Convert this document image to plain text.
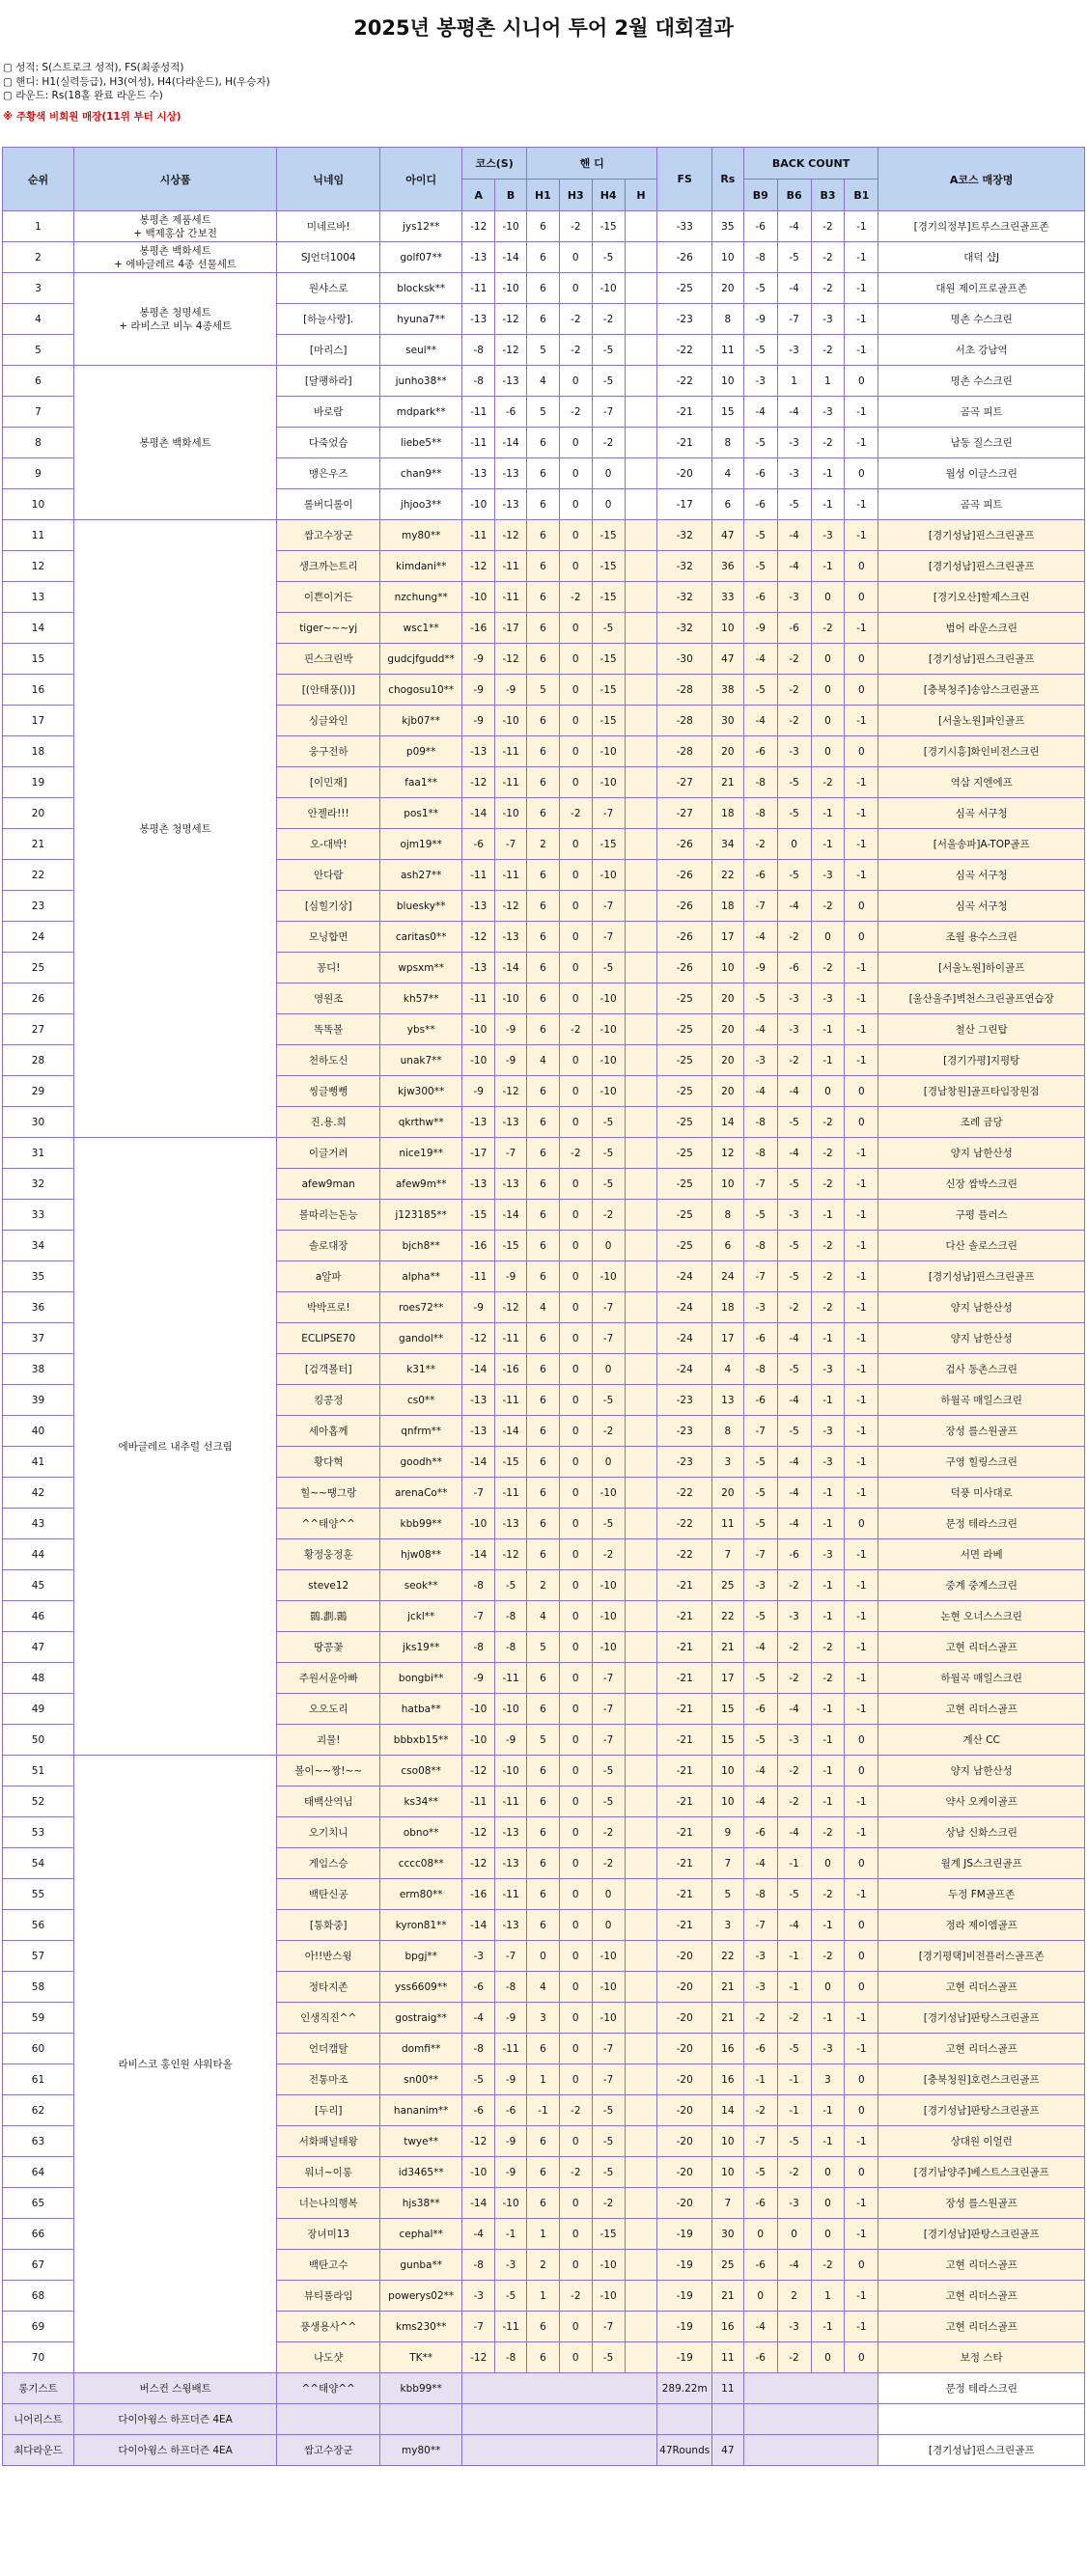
2025년 봉평촌 시니어 투어 2월 대회결과
▢ 성적: S(스트로크 성적), FS(최종성적)
▢ 핸디: H1(실력등급), H3(여성), H4(다라운드), H(우승자)
▢ 라운드: Rs(18홀 완료 라운드 수)
※ 주황색 비회원 매장(11위 부터 시상)
순위	시상품	닉네임	아이디	코스(S)		핸 디				FS	Rs	BACK COUNT				A코스 매장명
				A	B	H1	H3	H4	H			B9	B6	B3	B1	
1	봉평촌 제품세트
+ 백제홍삼 간보전	미네르바!	jys12**	-12	-10	6	-2	-15		-33	35	-6	-4	-2	-1	[경기의정부]트루스크린골프존
2	봉평촌 백화세트
+ 에바글레르 4종 선물세트	SJ언더1004	golf07**	-13	-14	6	0	-5		-26	10	-8	-5	-2	-1	대덕 샵J
3	봉평촌 청명세트
+ 라비스코 비누 4종세트	원샤스로	blocksk**	-11	-10	6	0	-10		-25	20	-5	-4	-2	-1	대원 제이프로골프존
4		[하늘사랑].	hyuna7**	-13	-12	6	-2	-2		-23	8	-9	-7	-3	-1	명촌 수스크린
5		[마리스]	seul**	-8	-12	5	-2	-5		-22	11	-5	-3	-2	-1	서초 강남역
6	봉평촌 백화세트	[달팽하라]	junho38**	-8	-13	4	0	-5		-22	10	-3	1	1	0	명촌 수스크린
7		바로람	mdpark**	-11	-6	5	-2	-7		-21	15	-4	-4	-3	-1	곰곡 피트
8		다죽었슴	liebe5**	-11	-14	6	0	-2		-21	8	-5	-3	-2	-1	남동 질스크린
9		맹은우즈	chan9**	-13	-13	6	0	0		-20	4	-6	-3	-1	0	월성 이글스크린
10		롤버디롤이	jhjoo3**	-10	-13	6	0	0		-17	6	-6	-5	-1	-1	곰곡 피트
11	봉평촌 청명세트	쌈고수장군	my80**	-11	-12	6	0	-15		-32	47	-5	-4	-3	-1	[경기성남]핀스크린골프
12		생크까는트리	kimdani**	-12	-11	6	0	-15		-32	36	-5	-4	-1	0	[경기성남]핀스크린골프
13		이쁜이거든	nzchung**	-10	-11	6	-2	-15		-32	33	-6	-3	0	0	[경기오산]할제스크린
14		tiger~~~yj	wsc1**	-16	-17	6	0	-5		-32	10	-9	-6	-2	-1	범어 라운스크린
15		핀스크린박	gudcjfgudd**	-9	-12	6	0	-15		-30	47	-4	-2	0	0	[경기성남]핀스크린골프
16		[(안태풍())]	chogosu10**	-9	-9	5	0	-15		-28	38	-5	-2	0	0	[충북청주]송암스크린골프
17		싱글와인	kjb07**	-9	-10	6	0	-15		-28	30	-4	-2	0	-1	[서울노원]파인골프
18		웅구전하	p09**	-13	-11	6	0	-10		-28	20	-6	-3	0	0	[경기시흥]화인비전스크린
19		[이민재]	faa1**	-12	-11	6	0	-10		-27	21	-8	-5	-2	-1	역삼 지엔에프
20		안젤라!!!	pos1**	-14	-10	6	-2	-7		-27	18	-8	-5	-1	-1	심곡 서구청
21		오-대박!	ojm19**	-6	-7	2	0	-15		-26	34	-2	0	-1	-1	[서울송파]A-TOP골프
22		안다람	ash27**	-11	-11	6	0	-10		-26	22	-6	-5	-3	-1	심곡 서구청
23		[심힐기상]	bluesky**	-13	-12	6	0	-7		-26	18	-7	-4	-2	0	심곡 서구청
24		모닝합면	caritas0**	-12	-13	6	0	-7		-26	17	-4	-2	0	0	조월 용수스크린
25		꽁디!	wpsxm**	-13	-14	6	0	-5		-26	10	-9	-6	-2	-1	[서울노원]하이골프
26		영원조	kh57**	-11	-10	6	0	-10		-25	20	-5	-3	-3	-1	[울산울주]벽천스크린골프연습장
27		똑똑볼	ybs**	-10	-9	6	-2	-10		-25	20	-4	-3	-1	-1	철산 그린탑
28		천하도신	unak7**	-10	-9	4	0	-10		-25	20	-3	-2	-1	-1	[경기가평]지평탕
29		씽글뻥뻥	kjw300**	-9	-12	6	0	-10		-25	20	-4	-4	0	0	[경남창원]골프타임장원점
30		진.용.희	qkrthw**	-13	-13	6	0	-5		-25	14	-8	-5	-2	0	조례 금당
31	에바글레르 내추럴 선크림	이글거려	nice19**	-17	-7	6	-2	-5		-25	12	-8	-4	-2	-1	양지 남한산성
32		afew9man	afew9m**	-13	-13	6	0	-5		-25	10	-7	-5	-2	-1	신장 쌈박스크린
33		볼따리는돈능	j123185**	-15	-14	6	0	-2		-25	8	-5	-3	-1	-1	구평 플러스
34		솔로대장	bjch8**	-16	-15	6	0	0		-25	6	-8	-5	-2	-1	다산 솔로스크린
35		a알파	alpha**	-11	-9	6	0	-10		-24	24	-7	-5	-2	-1	[경기성남]핀스크린골프
36		박박프로!	roes72**	-9	-12	4	0	-7		-24	18	-3	-2	-2	-1	양지 남한산성
37		ECLIPSE70	gandol**	-12	-11	6	0	-7		-24	17	-6	-4	-1	-1	양지 남한산성
38		[검객볼터]	k31**	-14	-16	6	0	0		-24	4	-8	-5	-3	-1	검사 동촌스크린
39		킹콩정	cs0**	-13	-11	6	0	-5		-23	13	-6	-4	-1	-1	하월곡 매일스크린
40		세아홉께	qnfrm**	-13	-14	6	0	-2		-23	8	-7	-5	-3	-1	장성 를스원골프
41		황다혁	goodh**	-14	-15	6	0	0		-23	3	-5	-4	-3	-1	구영 힐링스크린
42		힐~~땡그랑	arenaCo**	-7	-11	6	0	-10		-22	20	-5	-4	-1	-1	덕풍 미사대로
43		^^태양^^	kbb99**	-10	-13	6	0	-5		-22	11	-5	-4	-1	0	문정 테라스크린
44		황정웅정훈	hjw08**	-14	-12	6	0	-2		-22	7	-7	-6	-3	-1	서면 라베
45		steve12	seok**	-8	-5	2	0	-10		-21	25	-3	-2	-1	-1	중계 중계스크린
46		䴉.劃.䴉	jckl**	-7	-8	4	0	-10		-21	22	-5	-3	-1	-1	논현 오너스스크린
47		땅콩꽃	jks19**	-8	-8	5	0	-10		-21	21	-4	-2	-2	-1	고현 리더스골프
48		주원서윤아빠	bongbi**	-9	-11	6	0	-7		-21	17	-5	-2	-2	-1	하월곡 매일스크린
49		오오도리	hatba**	-10	-10	6	0	-7		-21	15	-6	-4	-1	-1	고현 리더스골프
50		괴물!	bbbxb15**	-10	-9	5	0	-7		-21	15	-5	-3	-1	0	계산 CC
51	라비스코 홍인원 샤워타올	볼이~~짱!~~	cso08**	-12	-10	6	0	-5		-21	10	-4	-2	-1	0	양지 남한산성
52		태백산역님	ks34**	-11	-11	6	0	-5		-21	10	-4	-2	-1	-1	약사 오케이골프
53		오기치니	obno**	-12	-13	6	0	-2		-21	9	-6	-4	-2	-1	상남 신화스크린
54		게임스승	cccc08**	-12	-13	6	0	-2		-21	7	-4	-1	0	0	월계 JS스크린골프
55		백탄신공	erm80**	-16	-11	6	0	0		-21	5	-8	-5	-2	-1	두정 FM골프존
56		[통화중]	kyron81**	-14	-13	6	0	0		-21	3	-7	-4	-1	0	정라 제이엠골프
57		아!!반스윙	bpgj**	-3	-7	0	0	-10		-20	22	-3	-1	-2	0	[경기평택]비전플러스골프존
58		정타지존	yss6609**	-6	-8	4	0	-10		-20	21	-3	-1	0	0	고현 리더스골프
59		인생직진^^	gostraig**	-4	-9	3	0	-10		-20	21	-2	-2	-1	-1	[경기성남]판탕스크린골프
60		언더캠탈	domfi**	-8	-11	6	0	-7		-20	16	-6	-5	-3	-1	고현 리더스골프
61		전통마조	sn00**	-5	-9	1	0	-7		-20	16	-1	-1	3	0	[충북청원]호련스크린골프
62		[두리]	hananim**	-6	-6	-1	-2	-5		-20	14	-2	-1	-1	0	[경기성남]판탕스크린골프
63		서화패널태왕	twye**	-12	-9	6	0	-5		-20	10	-7	-5	-1	-1	상대원 이얼런
64		워너~이롱	id3465**	-10	-9	6	-2	-5		-20	10	-5	-2	0	0	[경기남양주]베스트스크린골프
65		너는나의행복	hjs38**	-14	-10	6	0	-2		-20	7	-6	-3	0	-1	장성 를스원골프
66		장녀미13	cephal**	-4	-1	1	0	-15		-19	30	0	0	0	-1	[경기성남]판탕스크린골프
67		백탄고수	gunba**	-8	-3	2	0	-10		-19	25	-6	-4	-2	0	고현 리더스골프
68		뷰티풀라임	powerys02**	-3	-5	1	-2	-10		-19	21	0	2	1	-1	고현 리더스골프
69		풍생용사^^	kms230**	-7	-11	6	0	-7		-19	16	-4	-3	-1	-1	고현 리더스골프
70		나도샷	TK**	-12	-8	6	0	-5		-19	11	-6	-2	0	0	보정 스타
롱기스트	버스컨 스윙배트	^^태양^^	kbb99**							289.22m	11					문정 테라스크린
니어리스트	다이아윙스 하프더즌 4EA															
최다라운드	다이아윙스 하프더즌 4EA	쌈고수장군	my80**							47Rounds	47					[경기성남]핀스크린골프
